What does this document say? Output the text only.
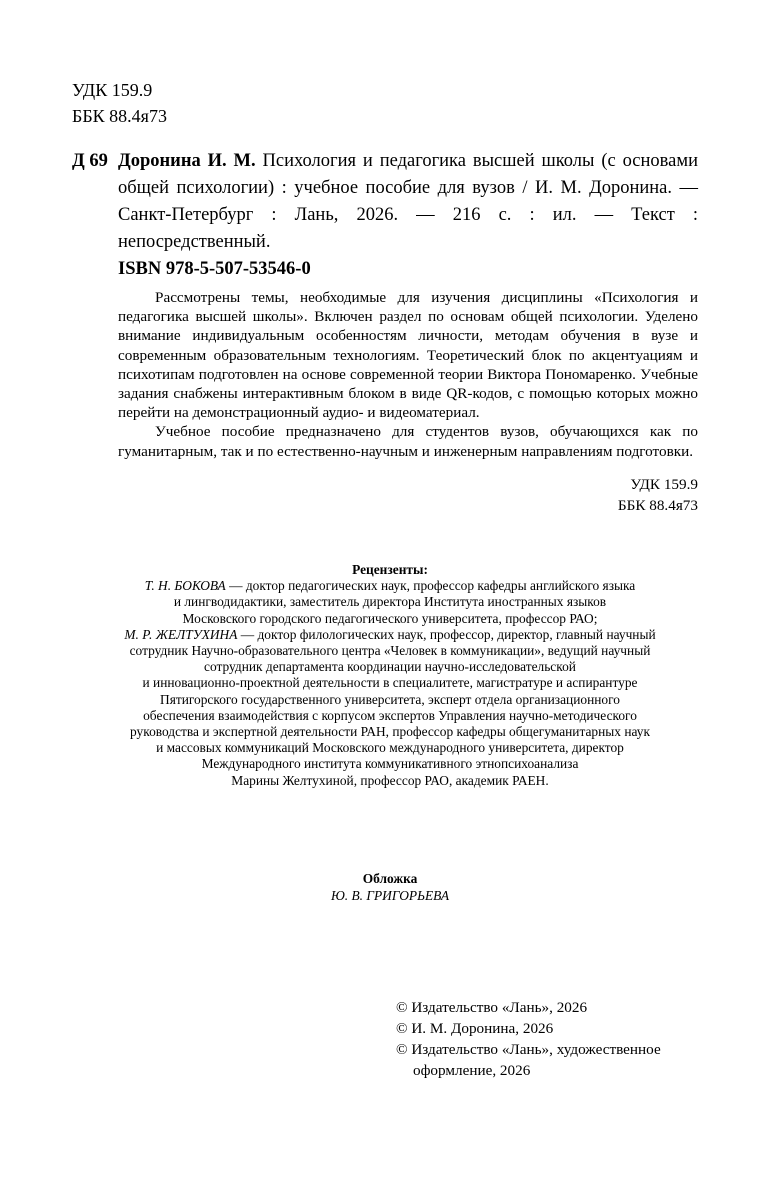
УДК 159.9
ББК 88.4я73
Д 69 Доронина И. М. Психология и педагогика высшей школы (с основами общей психологии) : учебное пособие для вузов / И. М. Доронина. — Санкт-Петербург : Лань, 2026. — 216 с. : ил. — Текст : непосредственный.
ISBN 978-5-507-53546-0

Рассмотрены темы, необходимые для изучения дисциплины «Психология и педагогика высшей школы». Включен раздел по основам общей психологии. Уделено внимание индивидуальным особенностям личности, методам обучения в вузе и современным образовательным технологиям. Теоретический блок по акцентуациям и психотипам подготовлен на основе современной теории Виктора Пономаренко. Учебные задания снабжены интерактивным блоком в виде QR-кодов, с помощью которых можно перейти на демонстрационный аудио- и видеоматериал.

Учебное пособие предназначено для студентов вузов, обучающихся как по гуманитарным, так и по естественно-научным и инженерным направлениям подготовки.

УДК 159.9
ББК 88.4я73
Рецензенты:
Т. Н. БОКОВА — доктор педагогических наук, профессор кафедры английского языка
и лингводидактики, заместитель директора Института иностранных языков
Московского городского педагогического университета, профессор РАО;
М. Р. ЖЕЛТУХИНА — доктор филологических наук, профессор, директор, главный научный
сотрудник Научно-образовательного центра «Человек в коммуникации», ведущий научный
сотрудник департамента координации научно-исследовательской
и инновационно-проектной деятельности в специалитете, магистратуре и аспирантуре
Пятигорского государственного университета, эксперт отдела организационного
обеспечения взаимодействия с корпусом экспертов Управления научно-методического
руководства и экспертной деятельности РАН, профессор кафедры общегуманитарных наук
и массовых коммуникаций Московского международного университета, директор
Международного института коммуникативного этнопсихоанализа
Марины Желтухиной, профессор РАО, академик РАЕН.
Обложка
Ю. В. ГРИГОРЬЕВА
© Издательство «Лань», 2026
© И. М. Доронина, 2026
© Издательство «Лань», художественное оформление, 2026
